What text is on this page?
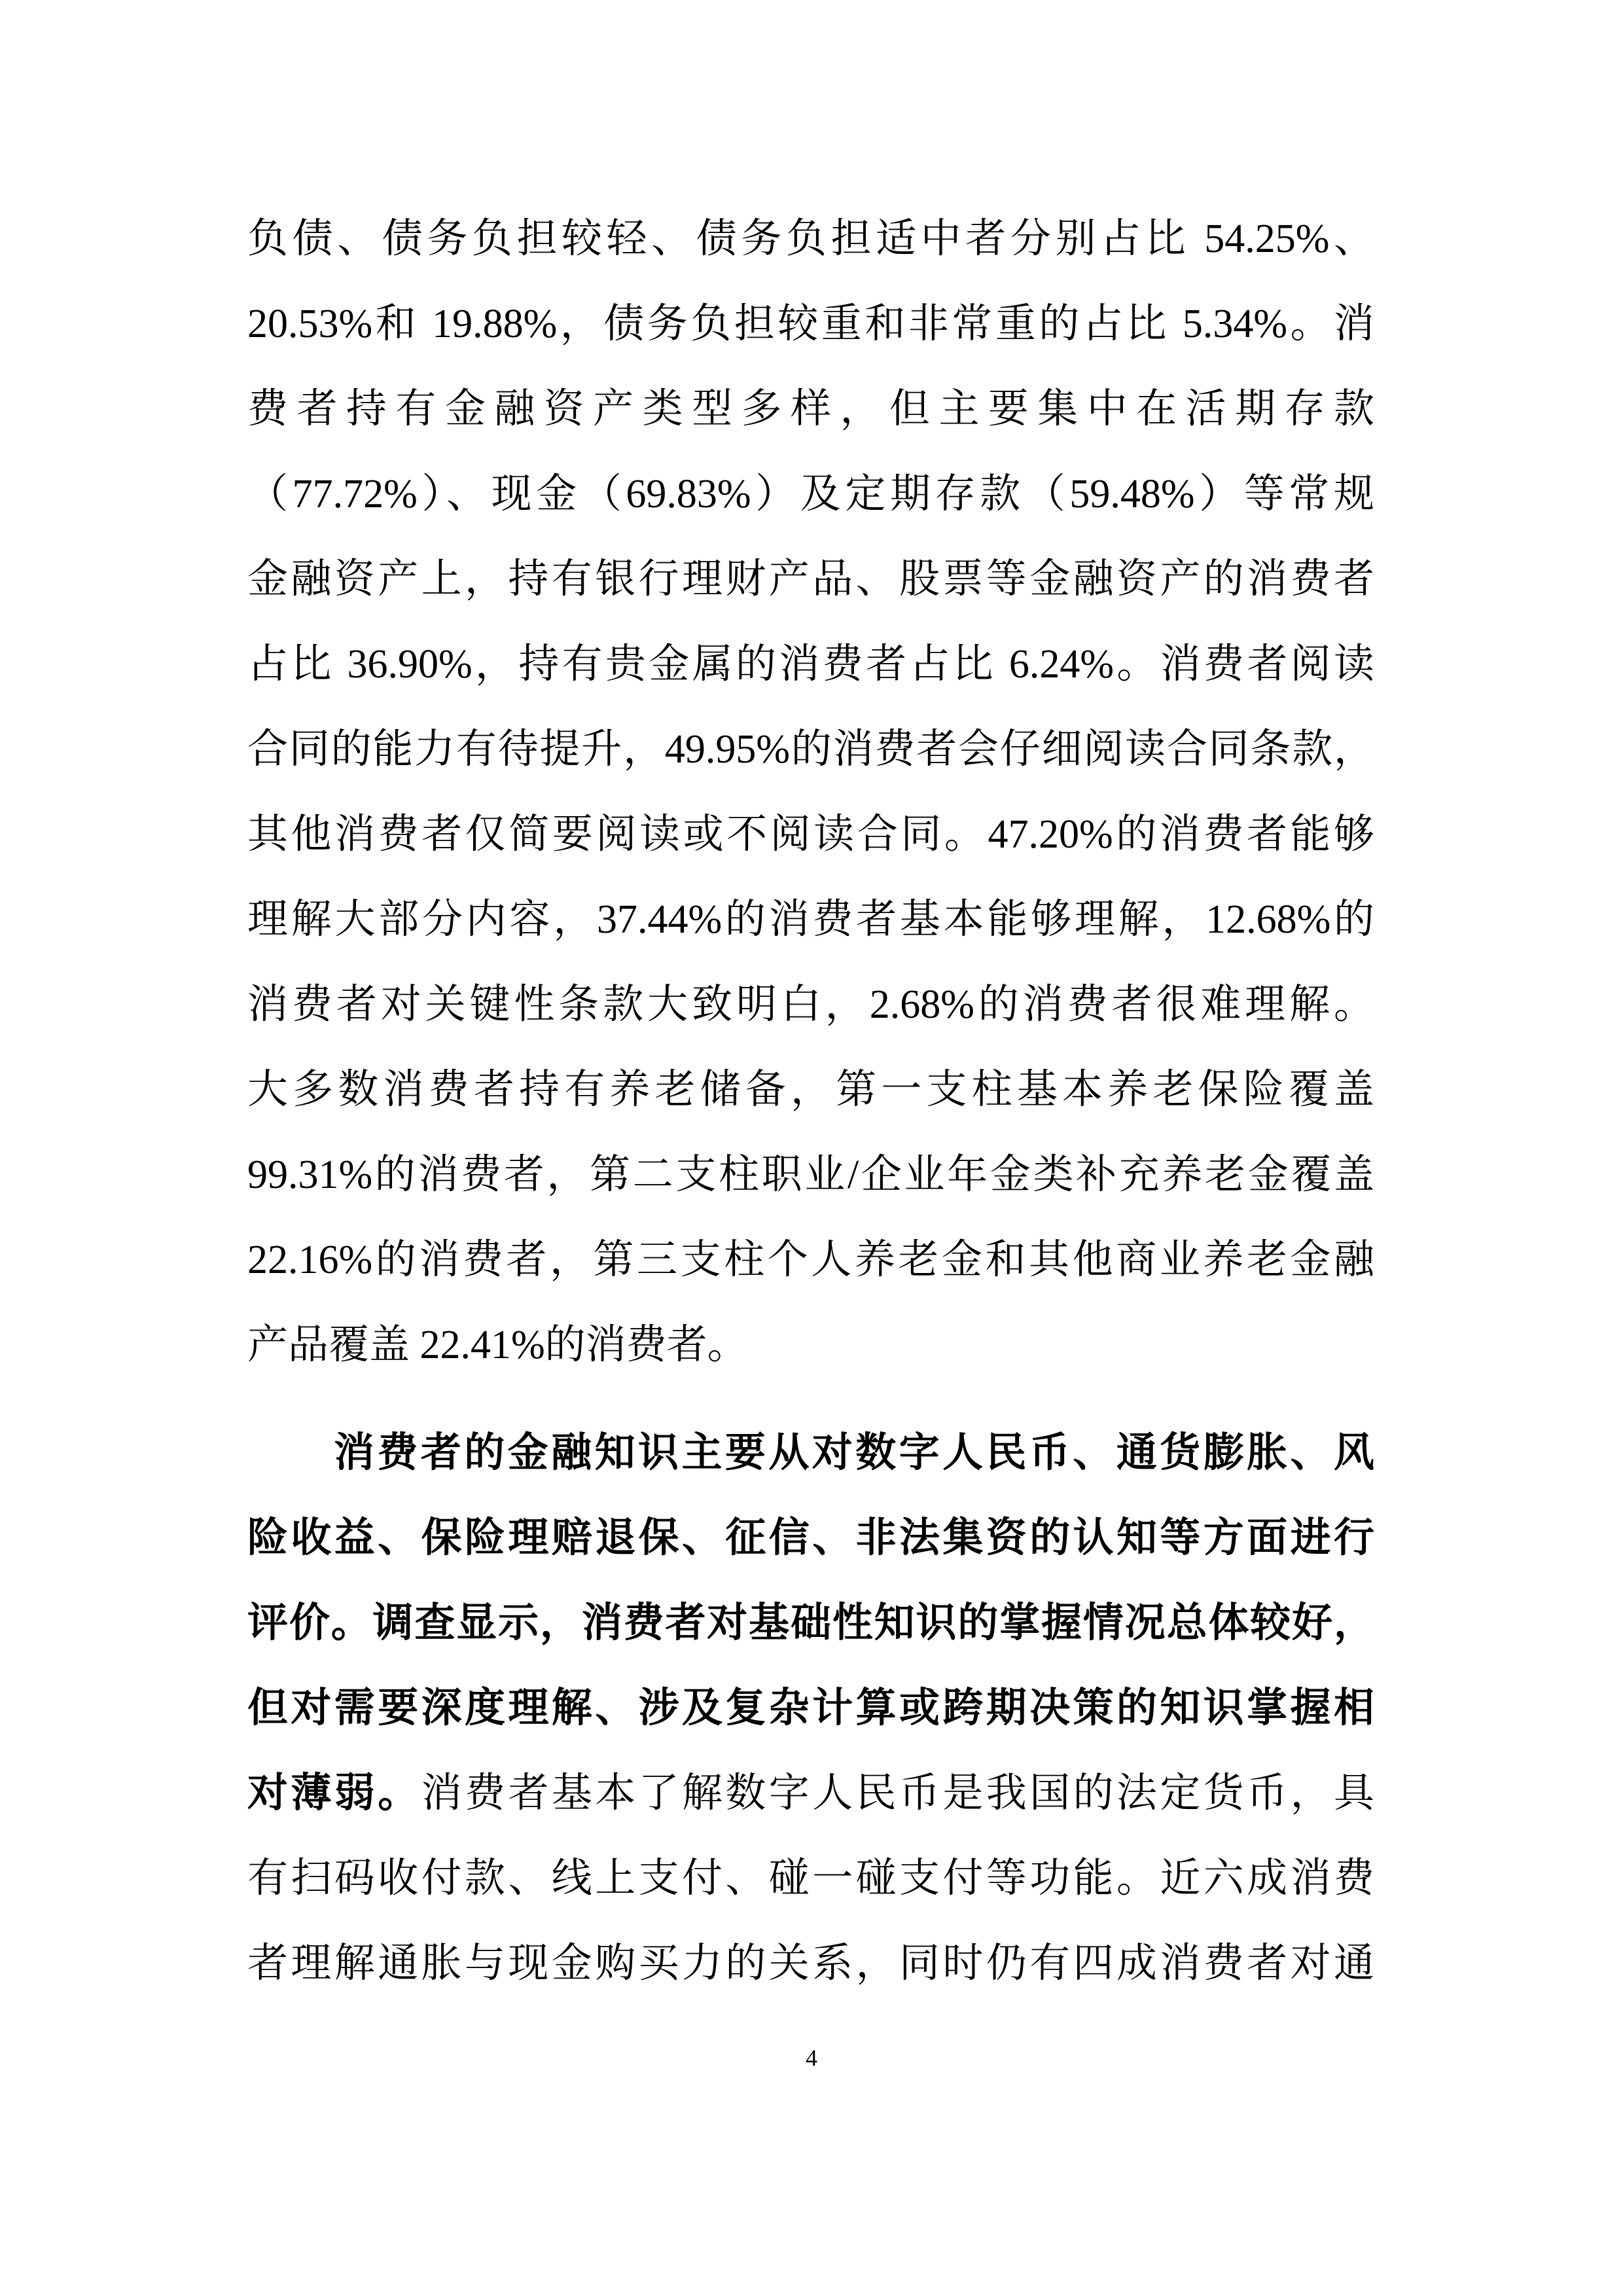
负债、债务负担较轻、债务负担适中者分别占比 54.25%、
20.53%和 19.88%，债务负担较重和非常重的占比 5.34%。消
费者持有金融资产类型多样，但主要集中在活期存款
（77.72%）、现金（69.83%）及定期存款（59.48%）等常规
金融资产上，持有银行理财产品、股票等金融资产的消费者
占比 36.90%，持有贵金属的消费者占比 6.24%。消费者阅读
合同的能力有待提升，49.95%的消费者会仔细阅读合同条款，
其他消费者仅简要阅读或不阅读合同。47.20%的消费者能够
理解大部分内容，37.44%的消费者基本能够理解，12.68%的
消费者对关键性条款大致明白，2.68%的消费者很难理解。
大多数消费者持有养老储备，第一支柱基本养老保险覆盖
99.31%的消费者，第二支柱职业/企业年金类补充养老金覆盖
22.16%的消费者，第三支柱个人养老金和其他商业养老金融
产品覆盖 22.41%的消费者。
消费者的金融知识主要从对数字人民币、通货膨胀、风
险收益、保险理赔退保、征信、非法集资的认知等方面进行
评价。调查显示，消费者对基础性知识的掌握情况总体较好，
但对需要深度理解、涉及复杂计算或跨期决策的知识掌握相
对薄弱。消费者基本了解数字人民币是我国的法定货币，具
有扫码收付款、线上支付、碰一碰支付等功能。近六成消费
者理解通胀与现金购买力的关系，同时仍有四成消费者对通
4
